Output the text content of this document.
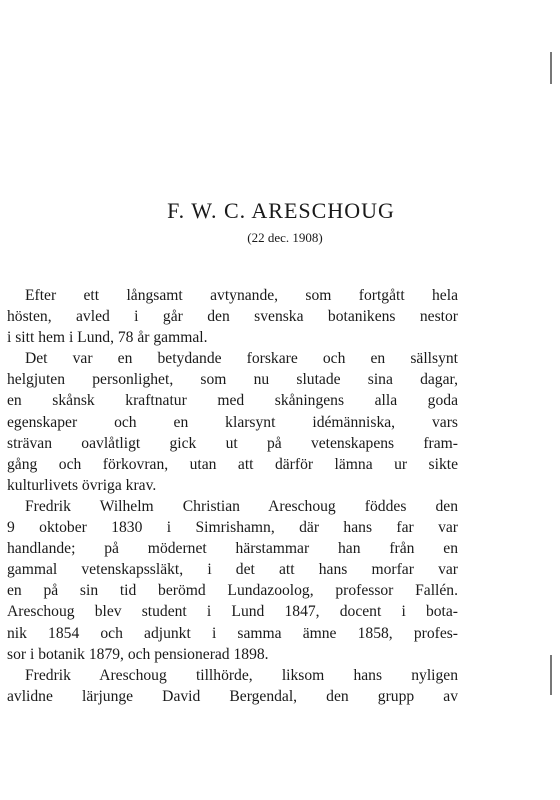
F. W. C. ARESCHOUG
(22 dec. 1908)
Efter ett långsamt avtynande, som fortgått hela
hösten, avled i går den svenska botanikens nestor
i sitt hem i Lund, 78 år gammal.
Det var en betydande forskare och en sällsynt
helgjuten personlighet, som nu slutade sina dagar,
en skånsk kraftnatur med skåningens alla goda
egenskaper och en klarsynt idémänniska, vars
strävan oavlåtligt gick ut på vetenskapens fram-
gång och förkovran, utan att därför lämna ur sikte
kulturlivets övriga krav.
Fredrik Wilhelm Christian Areschoug föddes den
9 oktober 1830 i Simrishamn, där hans far var
handlande; på mödernet härstammar han från en
gammal vetenskapssläkt, i det att hans morfar var
en på sin tid berömd Lundazoolog, professor Fallén.
Areschoug blev student i Lund 1847, docent i bota-
nik 1854 och adjunkt i samma ämne 1858, profes-
sor i botanik 1879, och pensionerad 1898.
Fredrik Areschoug tillhörde, liksom hans nyligen
avlidne lärjunge David Bergendal, den grupp av
